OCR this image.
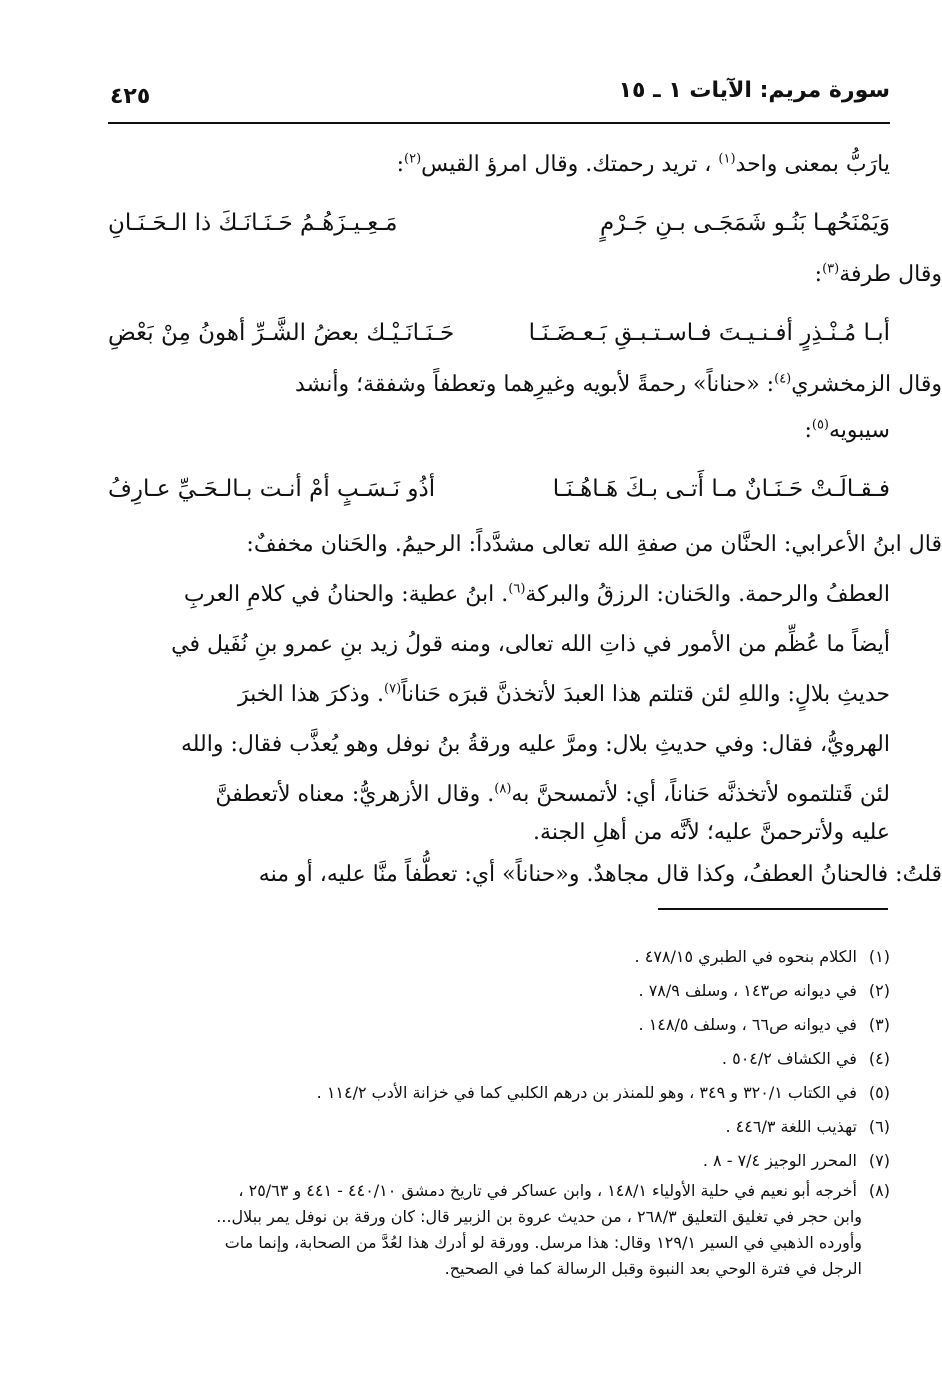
سورة مريم: الآيات ١ ـ ١٥
٤٢٥
يارَبُّ بمعنى واحد$^{(١)}$ ، تريد رحمتك. وقال امرؤ القيس$^{(٢)}$:
وَيَمْنَحُهـا بَنُـو شَمَجَـى بـنِ جَـرْمٍ
مَـعِـيـزَهُـمُ حَـنَـانَـكَ ذا الـحَـنَـانِ
وقال طرفة$^{(٣)}$:
أبـا مُـنْـذِرٍ أفـنـيـتَ فـاسـتـبـقِ بَـعـضَـنَـا
حَـنَـانَـيْـك بعضُ الشَّـرِّ أهونُ مِنْ بَعْضِ
وقال الزمخشري$^{(٤)}$: «حناناً» رحمةً لأبويه وغيرِهما وتعطفاً وشفقة؛ وأنشد
سيبويه$^{(٥)}$:
فـقـالَـتْ حَـنَـانٌ مـا أَتـى بـكَ هَـاهُـنَـا
أذُو نَـسَـبٍ أمْ أنـت بـالـحَـيِّ عـارِفُ
قال ابنُ الأعرابي: الحنَّان من صفةِ الله تعالى مشدَّداً: الرحيمُ. والحَنان مخففٌ:
العطفُ والرحمة. والحَنان: الرزقُ والبركة$^{(٦)}$. ابنُ عطية: والحنانُ في كلامِ العربِ
أيضاً ما عُظِّم من الأمور في ذاتِ الله تعالى، ومنه قولُ زيد بنِ عمرو بنِ نُفَيل في
حديثِ بلالٍ: واللهِ لئن قتلتم هذا العبدَ لأتخذنَّ قبرَه حَناناً$^{(٧)}$. وذكرَ هذا الخبرَ
الهرويُّ، فقال: وفي حديثِ بلال: ومرَّ عليه ورقةُ بنُ نوفل وهو يُعذَّب فقال: والله
لئن قَتلتموه لأتخذنَّه حَناناً، أي: لأتمسحنَّ به$^{(٨)}$. وقال الأزهريُّ: معناه لأتعطفنَّ
عليه ولأترحمنَّ عليه؛ لأنَّه من أهلِ الجنة.
قلتُ: فالحنانُ العطفُ، وكذا قال مجاهدٌ. و«حناناً» أي: تعطُّفاً منَّا عليه، أو منه
(١) الكلام بنحوه في الطبري ٤٧٨/١٥ .
(٢) في ديوانه ص١٤٣ ، وسلف ٧٨/٩ .
(٣) في ديوانه ص٦٦ ، وسلف ١٤٨/٥ .
(٤) في الكشاف ٥٠٤/٢ .
(٥) في الكتاب ٣٢٠/١ و ٣٤٩ ، وهو للمنذر بن درهم الكلبي كما في خزانة الأدب ١١٤/٢ .
(٦) تهذيب اللغة ٤٤٦/٣ .
(٧) المحرر الوجيز ٧/٤ - ٨ .
(٨) أخرجه أبو نعيم في حلية الأولياء ١٤٨/١ ، وابن عساكر في تاريخ دمشق ٤٤٠/١٠ - ٤٤١ و ٢٥/٦٣ ،
وابن حجر في تغليق التعليق ٢٦٨/٣ ، من حديث عروة بن الزبير قال: كان ورقة بن نوفل يمر ببلال...
وأورده الذهبي في السير ١٢٩/١ وقال: هذا مرسل. وورقة لو أدرك هذا لعُدَّ من الصحابة، وإنما مات
الرجل في فترة الوحي بعد النبوة وقبل الرسالة كما في الصحيح.
